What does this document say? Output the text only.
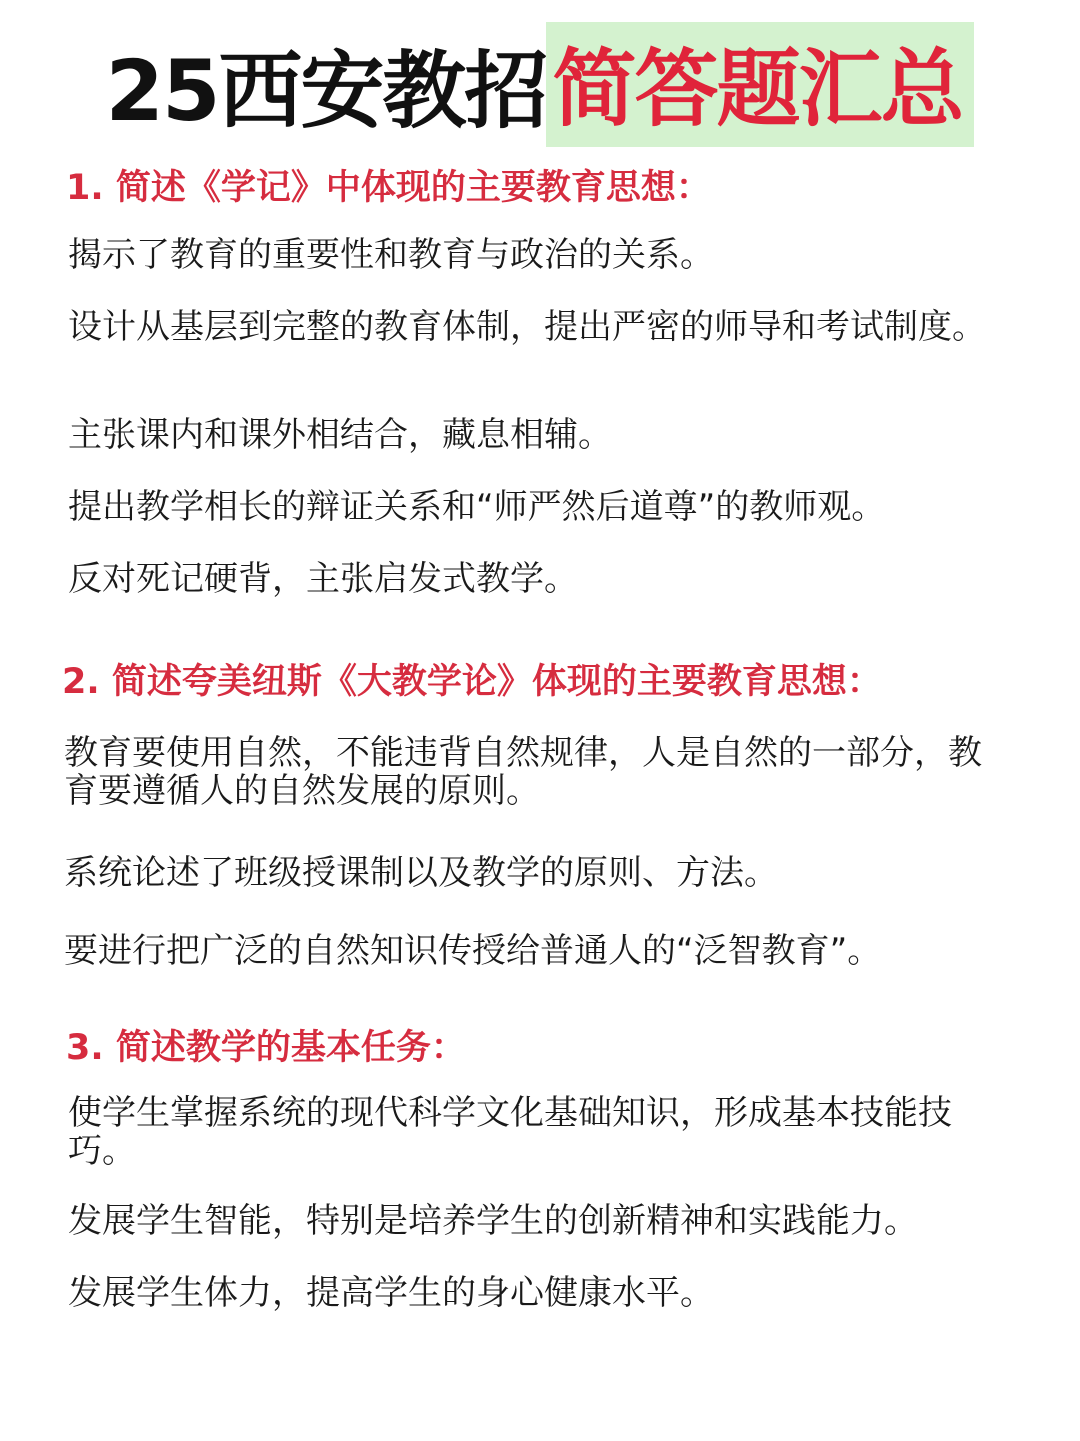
25西安教招简答题汇总
1. 简述《学记》中体现的主要教育思想：
揭示了教育的重要性和教育与政治的关系。
设计从基层到完整的教育体制，提出严密的师导和考试制度。
主张课内和课外相结合，藏息相辅。
提出教学相长的辩证关系和“师严然后道尊”的教师观。
反对死记硬背，主张启发式教学。
2. 简述夸美纽斯《大教学论》体现的主要教育思想：
教育要使用自然，不能违背自然规律，人是自然的一部分，教育要遵循人的自然发展的原则。
系统论述了班级授课制以及教学的原则、方法。
要进行把广泛的自然知识传授给普通人的“泛智教育”。
3. 简述教学的基本任务：
使学生掌握系统的现代科学文化基础知识，形成基本技能技巧。
发展学生智能，特别是培养学生的创新精神和实践能力。
发展学生体力，提高学生的身心健康水平。
